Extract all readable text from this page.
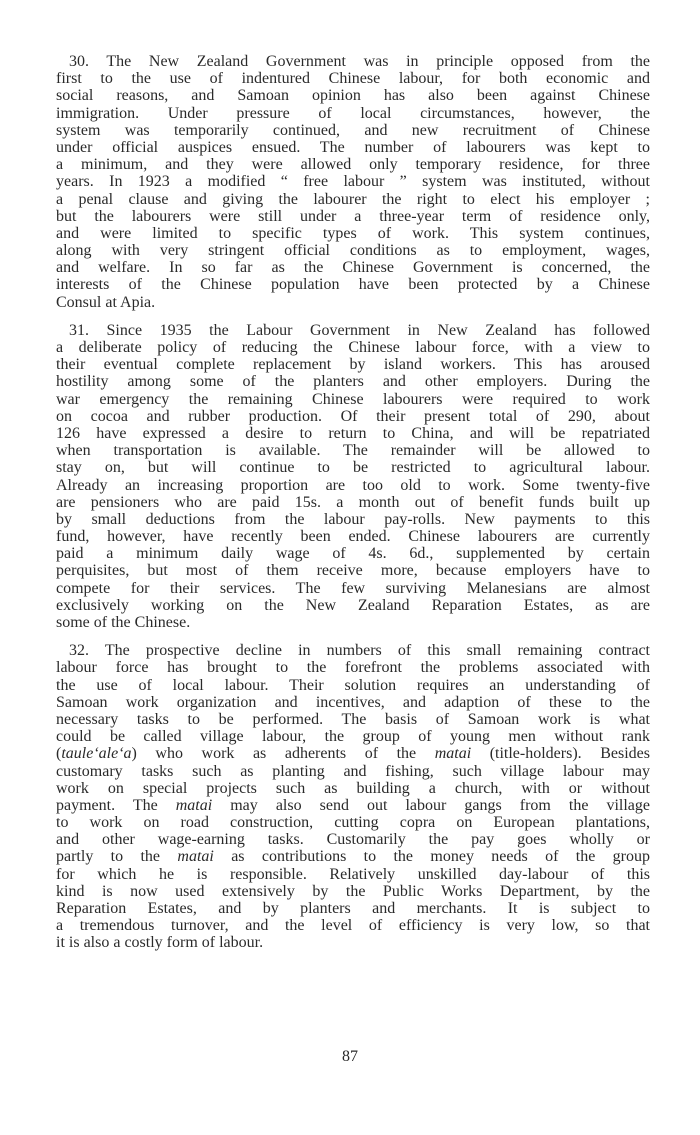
30. The New Zealand Government was in principle opposed from the
first to the use of indentured Chinese labour, for both economic and
social reasons, and Samoan opinion has also been against Chinese
immigration. Under pressure of local circumstances, however, the
system was temporarily continued, and new recruitment of Chinese
under official auspices ensued. The number of labourers was kept to
a minimum, and they were allowed only temporary residence, for three
years. In 1923 a modified “ free labour ” system was instituted, without
a penal clause and giving the labourer the right to elect his employer ;
but the labourers were still under a three-year term of residence only,
and were limited to specific types of work. This system continues,
along with very stringent official conditions as to employment, wages,
and welfare. In so far as the Chinese Government is concerned, the
interests of the Chinese population have been protected by a Chinese
Consul at Apia.
31. Since 1935 the Labour Government in New Zealand has followed
a deliberate policy of reducing the Chinese labour force, with a view to
their eventual complete replacement by island workers. This has aroused
hostility among some of the planters and other employers. During the
war emergency the remaining Chinese labourers were required to work
on cocoa and rubber production. Of their present total of 290, about
126 have expressed a desire to return to China, and will be repatriated
when transportation is available. The remainder will be allowed to
stay on, but will continue to be restricted to agricultural labour.
Already an increasing proportion are too old to work. Some twenty-five
are pensioners who are paid 15s. a month out of benefit funds built up
by small deductions from the labour pay-rolls. New payments to this
fund, however, have recently been ended. Chinese labourers are currently
paid a minimum daily wage of 4s. 6d., supplemented by certain
perquisites, but most of them receive more, because employers have to
compete for their services. The few surviving Melanesians are almost
exclusively working on the New Zealand Reparation Estates, as are
some of the Chinese.
32. The prospective decline in numbers of this small remaining contract
labour force has brought to the forefront the problems associated with
the use of local labour. Their solution requires an understanding of
Samoan work organization and incentives, and adaption of these to the
necessary tasks to be performed. The basis of Samoan work is what
could be called village labour, the group of young men without rank
(taule‘ale‘a) who work as adherents of the matai (title-holders). Besides
customary tasks such as planting and fishing, such village labour may
work on special projects such as building a church, with or without
payment. The matai may also send out labour gangs from the village
to work on road construction, cutting copra on European plantations,
and other wage-earning tasks. Customarily the pay goes wholly or
partly to the matai as contributions to the money needs of the group
for which he is responsible. Relatively unskilled day-labour of this
kind is now used extensively by the Public Works Department, by the
Reparation Estates, and by planters and merchants. It is subject to
a tremendous turnover, and the level of efficiency is very low, so that
it is also a costly form of labour.
87
